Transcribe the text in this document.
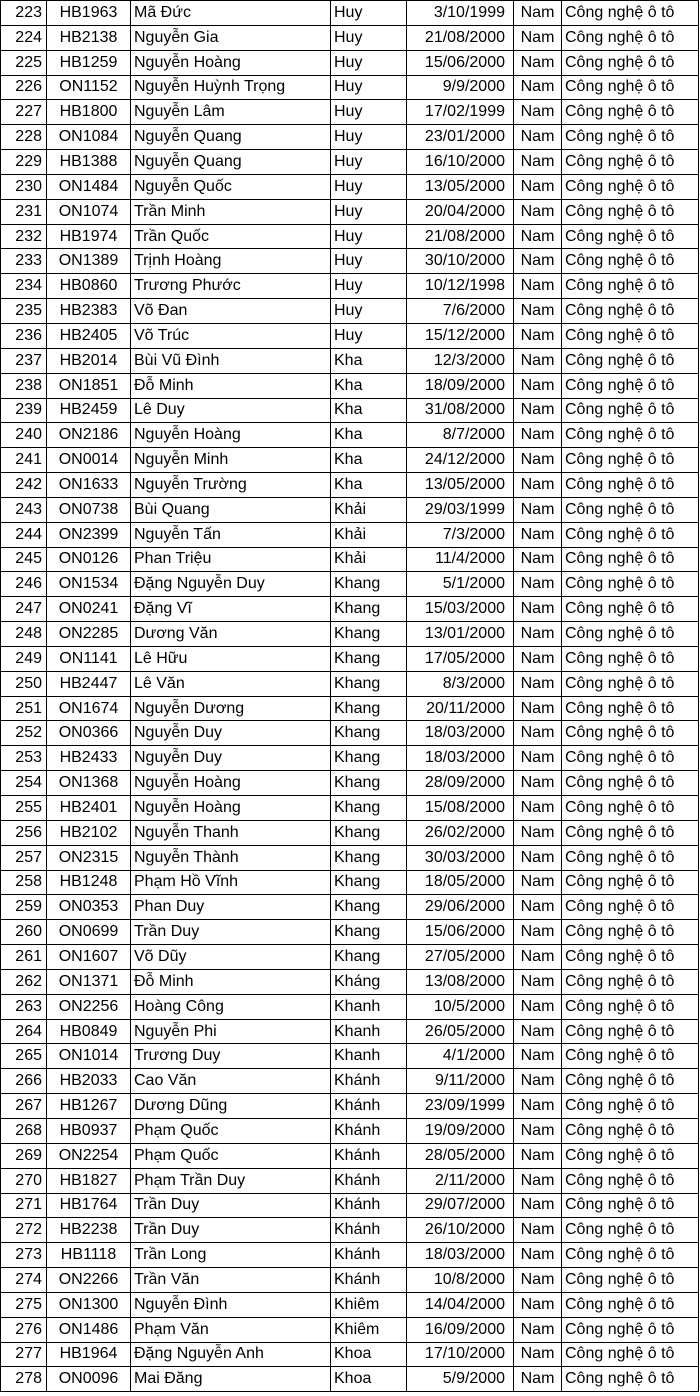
223	HB1963	Mã Đức	Huy	3/10/1999	Nam	Công nghệ ô tô
224	HB2138	Nguyễn Gia	Huy	21/08/2000	Nam	Công nghệ ô tô
225	HB1259	Nguyễn Hoàng	Huy	15/06/2000	Nam	Công nghệ ô tô
226	ON1152	Nguyễn Huỳnh Trọng	Huy	9/9/2000	Nam	Công nghệ ô tô
227	HB1800	Nguyễn Lâm	Huy	17/02/1999	Nam	Công nghệ ô tô
228	ON1084	Nguyễn Quang	Huy	23/01/2000	Nam	Công nghệ ô tô
229	HB1388	Nguyễn Quang	Huy	16/10/2000	Nam	Công nghệ ô tô
230	ON1484	Nguyễn Quốc	Huy	13/05/2000	Nam	Công nghệ ô tô
231	ON1074	Trần Minh	Huy	20/04/2000	Nam	Công nghệ ô tô
232	HB1974	Trần Quốc	Huy	21/08/2000	Nam	Công nghệ ô tô
233	ON1389	Trịnh Hoàng	Huy	30/10/2000	Nam	Công nghệ ô tô
234	HB0860	Trương Phước	Huy	10/12/1998	Nam	Công nghệ ô tô
235	HB2383	Võ Đan	Huy	7/6/2000	Nam	Công nghệ ô tô
236	HB2405	Võ Trúc	Huy	15/12/2000	Nam	Công nghệ ô tô
237	HB2014	Bùi Vũ Đình	Kha	12/3/2000	Nam	Công nghệ ô tô
238	ON1851	Đỗ Minh	Kha	18/09/2000	Nam	Công nghệ ô tô
239	HB2459	Lê Duy	Kha	31/08/2000	Nam	Công nghệ ô tô
240	ON2186	Nguyễn Hoàng	Kha	8/7/2000	Nam	Công nghệ ô tô
241	ON0014	Nguyễn Minh	Kha	24/12/2000	Nam	Công nghệ ô tô
242	ON1633	Nguyễn Trường	Kha	13/05/2000	Nam	Công nghệ ô tô
243	ON0738	Bùi Quang	Khải	29/03/1999	Nam	Công nghệ ô tô
244	ON2399	Nguyễn Tấn	Khải	7/3/2000	Nam	Công nghệ ô tô
245	ON0126	Phan Triệu	Khải	11/4/2000	Nam	Công nghệ ô tô
246	ON1534	Đặng Nguyễn Duy	Khang	5/1/2000	Nam	Công nghệ ô tô
247	ON0241	Đặng Vĩ	Khang	15/03/2000	Nam	Công nghệ ô tô
248	ON2285	Dương Văn	Khang	13/01/2000	Nam	Công nghệ ô tô
249	ON1141	Lê Hữu	Khang	17/05/2000	Nam	Công nghệ ô tô
250	HB2447	Lê Văn	Khang	8/3/2000	Nam	Công nghệ ô tô
251	ON1674	Nguyễn Dương	Khang	20/11/2000	Nam	Công nghệ ô tô
252	ON0366	Nguyễn Duy	Khang	18/03/2000	Nam	Công nghệ ô tô
253	HB2433	Nguyễn Duy	Khang	18/03/2000	Nam	Công nghệ ô tô
254	ON1368	Nguyễn Hoàng	Khang	28/09/2000	Nam	Công nghệ ô tô
255	HB2401	Nguyễn Hoàng	Khang	15/08/2000	Nam	Công nghệ ô tô
256	HB2102	Nguyễn Thanh	Khang	26/02/2000	Nam	Công nghệ ô tô
257	ON2315	Nguyễn Thành	Khang	30/03/2000	Nam	Công nghệ ô tô
258	HB1248	Phạm Hồ Vĩnh	Khang	18/05/2000	Nam	Công nghệ ô tô
259	ON0353	Phan Duy	Khang	29/06/2000	Nam	Công nghệ ô tô
260	ON0699	Trần Duy	Khang	15/06/2000	Nam	Công nghệ ô tô
261	ON1607	Võ Dũy	Khang	27/05/2000	Nam	Công nghệ ô tô
262	ON1371	Đỗ Minh	Kháng	13/08/2000	Nam	Công nghệ ô tô
263	ON2256	Hoàng Công	Khanh	10/5/2000	Nam	Công nghệ ô tô
264	HB0849	Nguyễn Phi	Khanh	26/05/2000	Nam	Công nghệ ô tô
265	ON1014	Trương Duy	Khanh	4/1/2000	Nam	Công nghệ ô tô
266	HB2033	Cao Văn	Khánh	9/11/2000	Nam	Công nghệ ô tô
267	HB1267	Dương Dũng	Khánh	23/09/1999	Nam	Công nghệ ô tô
268	HB0937	Phạm Quốc	Khánh	19/09/2000	Nam	Công nghệ ô tô
269	ON2254	Phạm Quốc	Khánh	28/05/2000	Nam	Công nghệ ô tô
270	HB1827	Phạm Trần Duy	Khánh	2/11/2000	Nam	Công nghệ ô tô
271	HB1764	Trần Duy	Khánh	29/07/2000	Nam	Công nghệ ô tô
272	HB2238	Trần Duy	Khánh	26/10/2000	Nam	Công nghệ ô tô
273	HB1118	Trần Long	Khánh	18/03/2000	Nam	Công nghệ ô tô
274	ON2266	Trần Văn	Khánh	10/8/2000	Nam	Công nghệ ô tô
275	ON1300	Nguyễn Đình	Khiêm	14/04/2000	Nam	Công nghệ ô tô
276	ON1486	Phạm Văn	Khiêm	16/09/2000	Nam	Công nghệ ô tô
277	HB1964	Đặng Nguyễn Anh	Khoa	17/10/2000	Nam	Công nghệ ô tô
278	ON0096	Mai Đăng	Khoa	5/9/2000	Nam	Công nghệ ô tô
